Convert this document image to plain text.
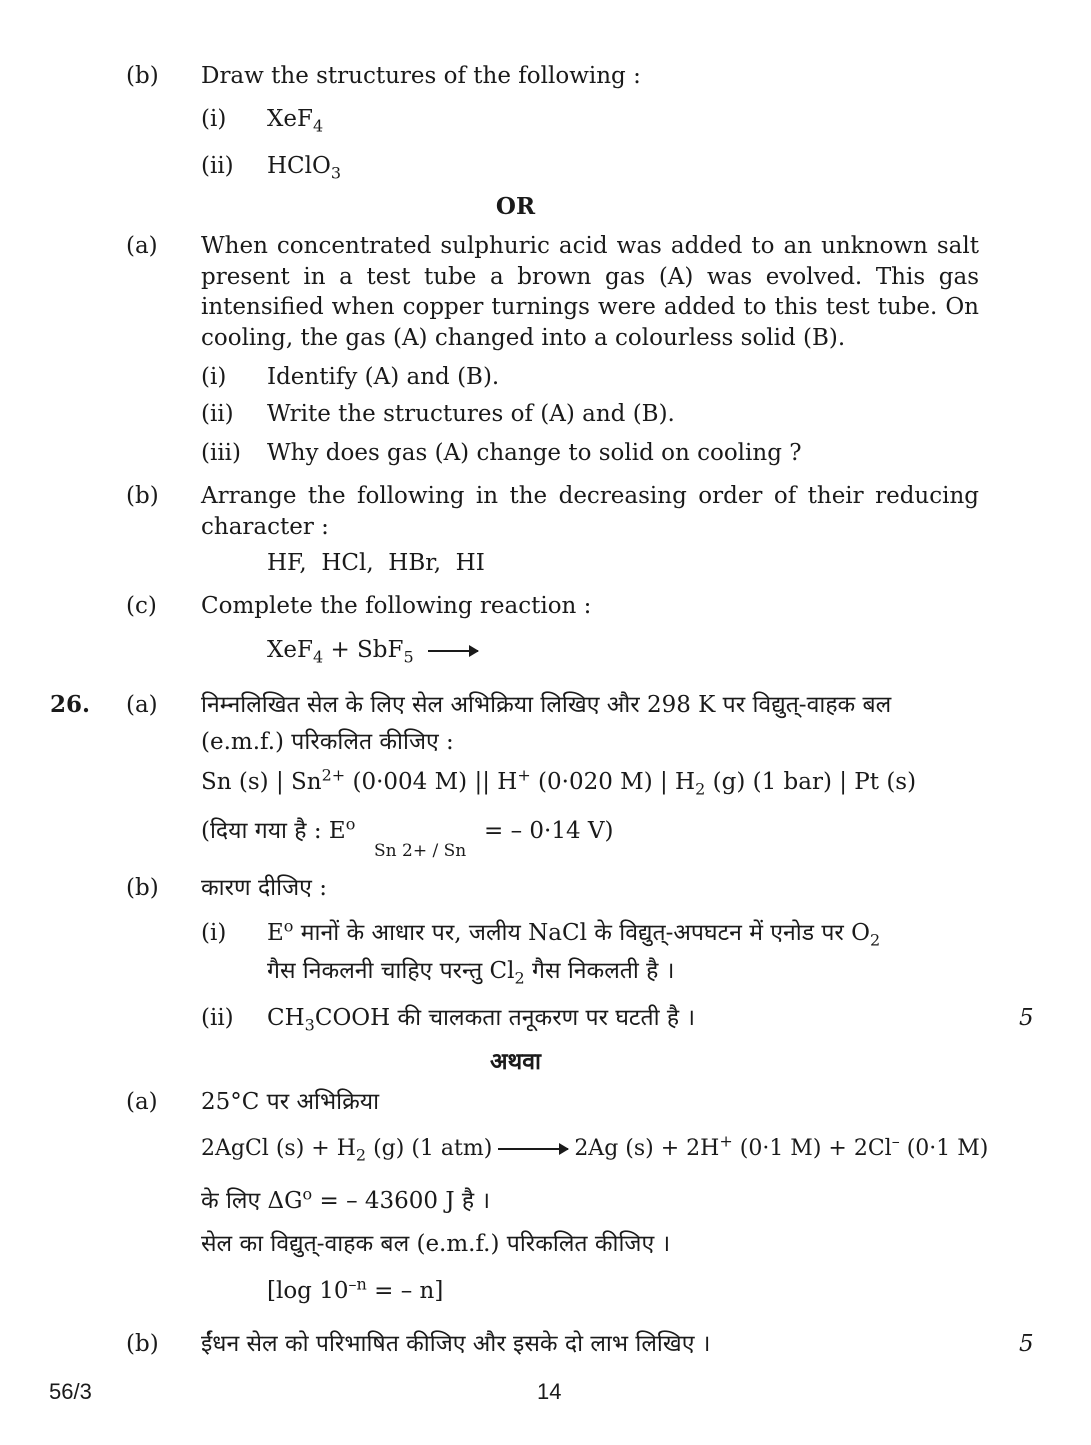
(b) Draw the structures of the following :
(i) XeF$_4$
(ii) HClO$_3$
OR
(a) When concentrated sulphuric acid was added to an unknown salt present in a test tube a brown gas (A) was evolved. This gas intensified when copper turnings were added to this test tube. On cooling, the gas (A) changed into a colourless solid (B).
(i) Identify (A) and (B).
(ii) Write the structures of (A) and (B).
(iii) Why does gas (A) change to solid on cooling ?
(b) Arrange the following in the decreasing order of their reducing character :
HF,  HCl,  HBr,  HI
(c) Complete the following reaction :
XeF$_4$ + SbF$_5$ →
26. (a) निम्नलिखित सेल के लिए सेल अभिक्रिया लिखिए और 298 K पर विद्युत्-वाहक बल
(e.m.f.) परिकलित कीजिए :
Sn (s) | $Sn^{2+}$ (0·004 M) || H+ (0·020 M) | $H_2$ (g) (1 bar) | Pt (s)
(दिया गया है : $E^o$
Sn 2+ / Sn
= – 0·14 V)
(b) कारण दीजिए :
(i) $E^o$ मानों के आधार पर, जलीय NaCl के विद्युत्-अपघटन में एनोड पर $O_2$
गैस निकलनी चाहिए परन्तु $Cl_2$ गैस निकलती है ।
(ii) $CH_3COOH$ की चालकता तनूकरण पर घटती है ।	5
अथवा
(a) 25°C पर अभिक्रिया
2AgCl $(s) + H_2$ (g) (1 atm) → 2Ag (s) + 2H+ (0·1 M) + 2Cl– (0·1 M)
के लिए $\Delta G^o$ = – 43600 J है ।
सेल का विद्युत्-वाहक बल (e.m.f.) परिकलित कीजिए ।
[log $10^{-n}$ = – n]
(b) ईंधन सेल को परिभाषित कीजिए और इसके दो लाभ लिखिए ।	5
56/3	14
